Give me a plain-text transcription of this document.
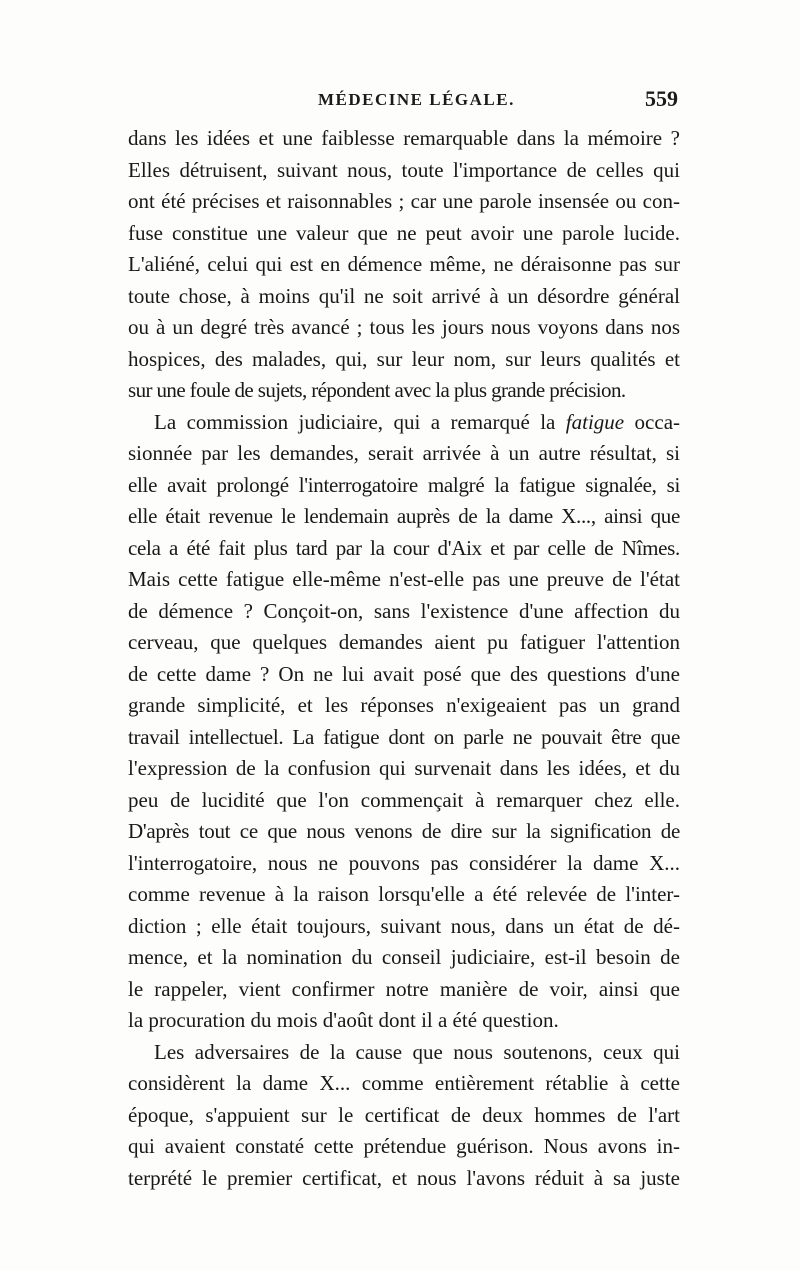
MÉDECINE LÉGALE.	559
dans les idées et une faiblesse remarquable dans la mémoire ?
Elles détruisent, suivant nous, toute l'importance de celles qui
ont été précises et raisonnables ; car une parole insensée ou con-
fuse constitue une valeur que ne peut avoir une parole lucide.
L'aliéné, celui qui est en démence même, ne déraisonne pas sur
toute chose, à moins qu'il ne soit arrivé à un désordre général
ou à un degré très avancé ; tous les jours nous voyons dans nos
hospices, des malades, qui, sur leur nom, sur leurs qualités et
sur une foule de sujets, répondent avec la plus grande précision.
La commission judiciaire, qui a remarqué la fatigue occa-
sionnée par les demandes, serait arrivée à un autre résultat, si
elle avait prolongé l'interrogatoire malgré la fatigue signalée, si
elle était revenue le lendemain auprès de la dame X..., ainsi que
cela a été fait plus tard par la cour d'Aix et par celle de Nîmes.
Mais cette fatigue elle-même n'est-elle pas une preuve de l'état
de démence ? Conçoit-on, sans l'existence d'une affection du
cerveau, que quelques demandes aient pu fatiguer l'attention
de cette dame ? On ne lui avait posé que des questions d'une
grande simplicité, et les réponses n'exigeaient pas un grand
travail intellectuel. La fatigue dont on parle ne pouvait être que
l'expression de la confusion qui survenait dans les idées, et du
peu de lucidité que l'on commençait à remarquer chez elle.
D'après tout ce que nous venons de dire sur la signification de
l'interrogatoire, nous ne pouvons pas considérer la dame X...
comme revenue à la raison lorsqu'elle a été relevée de l'inter-
diction ; elle était toujours, suivant nous, dans un état de dé-
mence, et la nomination du conseil judiciaire, est-il besoin de
le rappeler, vient confirmer notre manière de voir, ainsi que
la procuration du mois d'août dont il a été question.
Les adversaires de la cause que nous soutenons, ceux qui
considèrent la dame X... comme entièrement rétablie à cette
époque, s'appuient sur le certificat de deux hommes de l'art
qui avaient constaté cette prétendue guérison. Nous avons in-
terprété le premier certificat, et nous l'avons réduit à sa juste
